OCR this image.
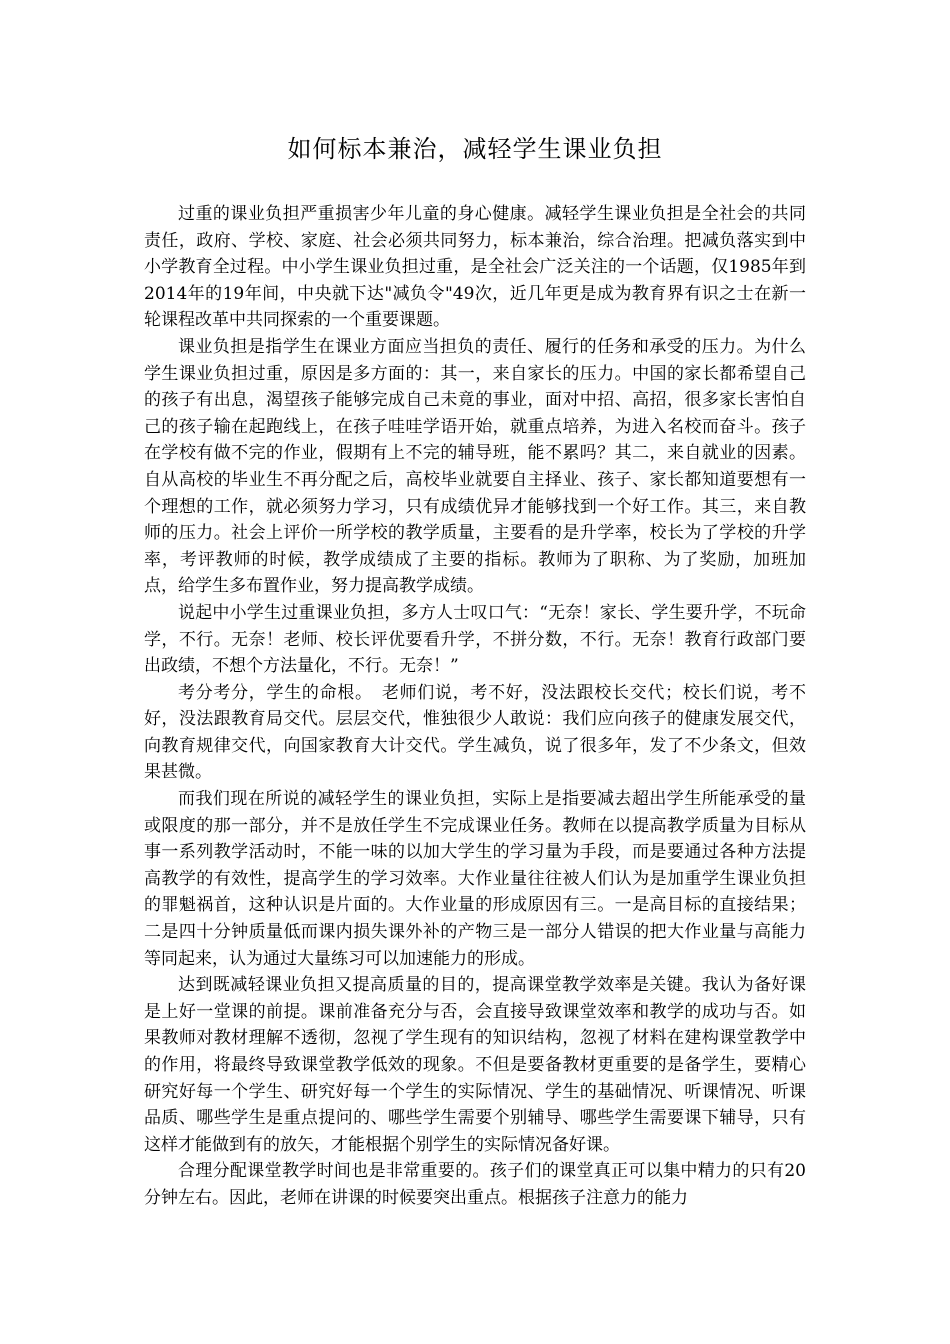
如何标本兼治，减轻学生课业负担

过重的课业负担严重损害少年儿童的身心健康。减轻学生课业负担是全社会的共同责任，政府、学校、家庭、社会必须共同努力，标本兼治，综合治理。把减负落实到中小学教育全过程。中小学生课业负担过重，是全社会广泛关注的一个话题，仅1985年到2014年的19年间，中央就下达"减负令"49次，近几年更是成为教育界有识之士在新一轮课程改革中共同探索的一个重要课题。

课业负担是指学生在课业方面应当担负的责任、履行的任务和承受的压力。为什么学生课业负担过重，原因是多方面的：其一，来自家长的压力。中国的家长都希望自己的孩子有出息，渴望孩子能够完成自己未竟的事业，面对中招、高招，很多家长害怕自己的孩子输在起跑线上，在孩子哇哇学语开始，就重点培养，为进入名校而奋斗。孩子在学校有做不完的作业，假期有上不完的辅导班，能不累吗？其二，来自就业的因素。自从高校的毕业生不再分配之后，高校毕业就要自主择业、孩子、家长都知道要想有一个理想的工作，就必须努力学习，只有成绩优异才能够找到一个好工作。其三，来自教师的压力。社会上评价一所学校的教学质量，主要看的是升学率，校长为了学校的升学率，考评教师的时候，教学成绩成了主要的指标。教师为了职称、为了奖励，加班加点，给学生多布置作业，努力提高教学成绩。

说起中小学生过重课业负担，多方人士叹口气：“无奈！家长、学生要升学，不玩命学，不行。无奈！老师、校长评优要看升学，不拼分数，不行。无奈！教育行政部门要出政绩，不想个方法量化，不行。无奈！”

考分考分，学生的命根。　老师们说，考不好，没法跟校长交代；校长们说，考不好，没法跟教育局交代。层层交代，惟独很少人敢说：我们应向孩子的健康发展交代，向教育规律交代，向国家教育大计交代。学生减负，说了很多年，发了不少条文，但效果甚微。

而我们现在所说的减轻学生的课业负担，实际上是指要减去超出学生所能承受的量或限度的那一部分，并不是放任学生不完成课业任务。教师在以提高教学质量为目标从事一系列教学活动时，不能一味的以加大学生的学习量为手段，而是要通过各种方法提高教学的有效性，提高学生的学习效率。大作业量往往被人们认为是加重学生课业负担的罪魁祸首，这种认识是片面的。大作业量的形成原因有三。一是高目标的直接结果；二是四十分钟质量低而课内损失课外补的产物三是一部分人错误的把大作业量与高能力等同起来，认为通过大量练习可以加速能力的形成。

达到既减轻课业负担又提高质量的目的，提高课堂教学效率是关键。我认为备好课是上好一堂课的前提。课前准备充分与否，会直接导致课堂效率和教学的成功与否。如果教师对教材理解不透彻，忽视了学生现有的知识结构，忽视了材料在建构课堂教学中的作用，将最终导致课堂教学低效的现象。不但是要备教材更重要的是备学生，要精心研究好每一个学生、研究好每一个学生的实际情况、学生的基础情况、听课情况、听课品质、哪些学生是重点提问的、哪些学生需要个别辅导、哪些学生需要课下辅导，只有这样才能做到有的放矢，才能根据个别学生的实际情况备好课。

合理分配课堂教学时间也是非常重要的。孩子们的课堂真正可以集中精力的只有20分钟左右。因此，老师在讲课的时候要突出重点。根据孩子注意力的能力
